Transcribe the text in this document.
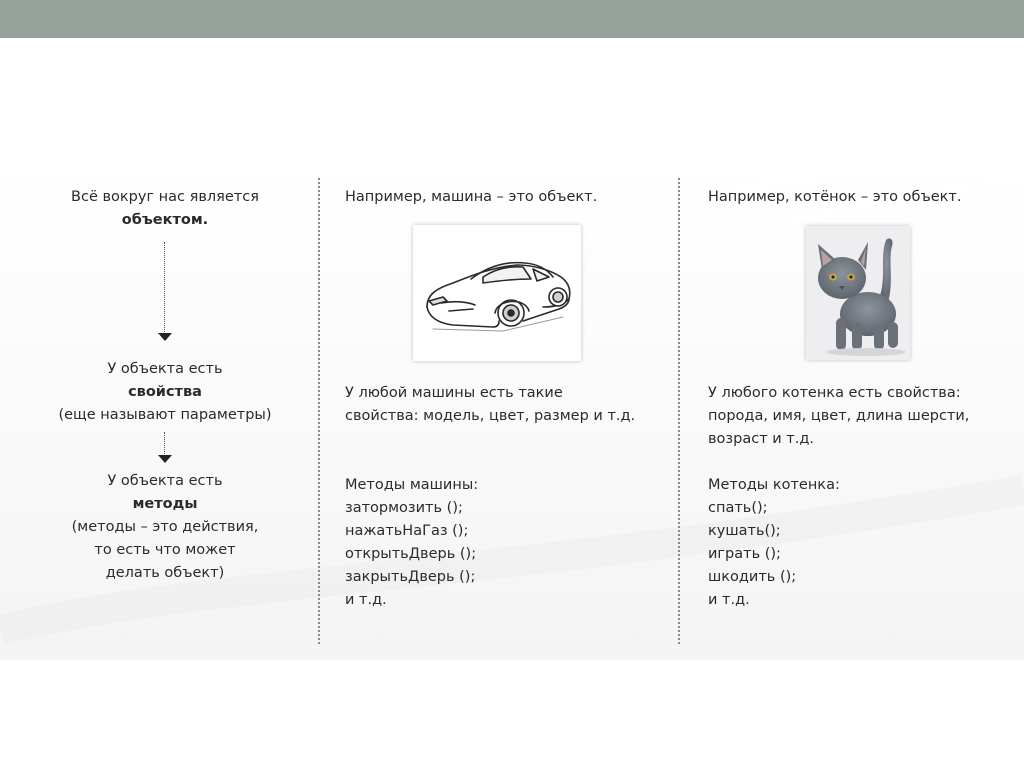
Всё вокруг нас является
объектом.
У объекта есть
свойства
(еще называют параметры)
У объекта есть
методы
(методы – это действия,
то есть что может
делать объект)
Например, машина – это объект.
У любой машины есть такие
свойства: модель, цвет, размер и т.д.
Методы машины:
затормозить ();
нажатьНаГаз ();
открытьДверь ();
закрытьДверь ();
и т.д.
Например, котёнок – это объект.
У любого котенка есть свойства:
порода, имя, цвет, длина шерсти,
возраст и т.д.
Методы котенка:
спать();
кушать();
играть ();
шкодить ();
и т.д.
